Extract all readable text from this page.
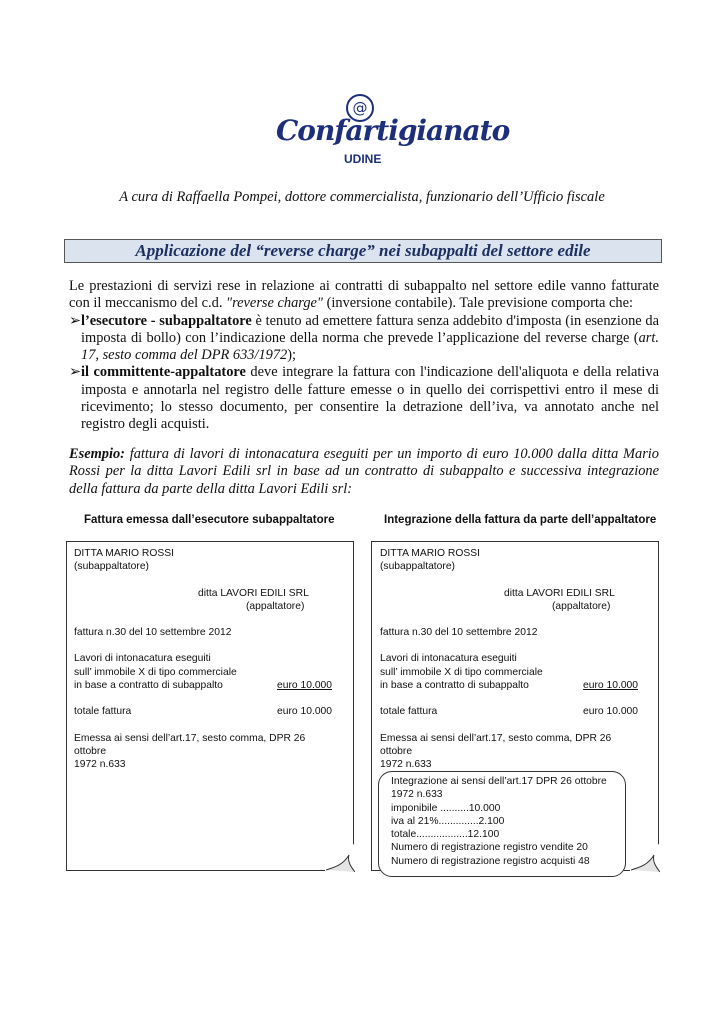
@
Confartigianato
UDINE
A cura di Raffaella Pompei, dottore commercialista, funzionario dell’Ufficio fiscale
Applicazione del “reverse charge” nei subappalti del settore edile
Le prestazioni di servizi rese in relazione ai contratti di subappalto nel settore edile vanno fatturate con il meccanismo del c.d. "reverse charge" (inversione contabile). Tale previsione comporta che:
➢ l’esecutore - subappaltatore è tenuto ad emettere fattura senza addebito d'imposta (in esenzione da imposta di bollo) con l’indicazione della norma che prevede l’applicazione del reverse charge (art. 17, sesto comma del DPR 633/1972);
➢ il committente-appaltatore deve integrare la fattura con l'indicazione dell'aliquota e della relativa imposta e annotarla nel registro delle fatture emesse o in quello dei corrispettivi entro il mese di ricevimento; lo stesso documento, per consentire la detrazione dell’iva, va annotato anche nel registro degli acquisti.
Esempio: fattura di lavori di intonacatura eseguiti per un importo di euro 10.000 dalla ditta Mario Rossi per la ditta Lavori Edili srl in base ad un contratto di subappalto e successiva integrazione della fattura da parte della ditta Lavori Edili srl:
Fattura emessa dall’esecutore subappaltatore	Integrazione della fattura da parte dell’appaltatore
DITTA MARIO ROSSI
(subappaltatore)
ditta LAVORI EDILI SRL
(appaltatore)
fattura n.30 del 10 settembre 2012
Lavori di intonacatura eseguiti
sull’ immobile X di tipo commerciale
in base a contratto di subappalto	euro 10.000
totale fattura	euro 10.000
Emessa ai sensi dell’art.17, sesto comma, DPR 26 ottobre
1972 n.633
DITTA MARIO ROSSI
(subappaltatore)
ditta LAVORI EDILI SRL
(appaltatore)
fattura n.30 del 10 settembre 2012
Lavori di intonacatura eseguiti
sull’ immobile X di tipo commerciale
in base a contratto di subappalto	euro 10.000
totale fattura	euro 10.000
Emessa ai sensi dell’art.17, sesto comma, DPR 26 ottobre
1972 n.633
Integrazione ai sensi dell’art.17 DPR 26 ottobre
1972 n.633
imponibile ..........10.000
iva al 21%..............2.100
totale..................12.100
Numero di registrazione registro vendite 20
Numero di registrazione registro acquisti 48
